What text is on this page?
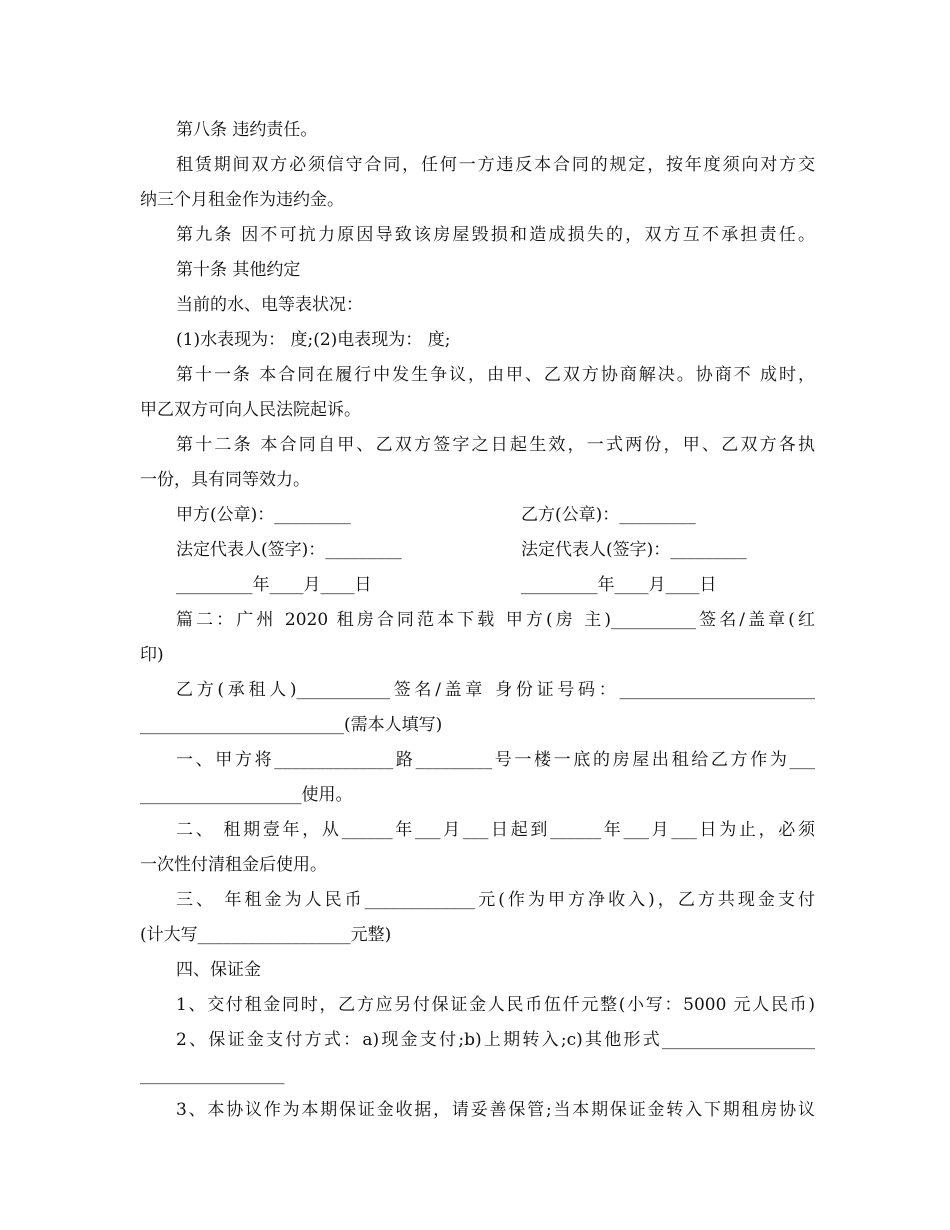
第八条 违约责任。
租赁期间双方必须信守合同，任何一方违反本合同的规定，按年度须向对方交
纳三个月租金作为违约金。
第九条 因不可抗力原因导致该房屋毁损和造成损失的，双方互不承担责任。
第十条 其他约定
当前的水、电等表状况：
(1)水表现为： 度;(2)电表现为： 度;
第十一条 本合同在履行中发生争议，由甲、乙双方协商解决。协商不 成时，
甲乙双方可向人民法院起诉。
第十二条 本合同自甲、乙双方签字之日起生效，一式两份，甲、乙双方各执
一份，具有同等效力。
甲方(公章)：_________	乙方(公章)：_________
法定代表人(签字)：_________	法定代表人(签字)：_________
_________年____月____日	_________年____月____日
篇二：广州 2020 租房合同范本下载 甲方(房 主)__________签名/盖章(红
印)
乙方(承租人)___________签名/盖章 身份证号码：_______________________
________________________(需本人填写)
一、甲方将______________路_________号一楼一底的房屋出租给乙方作为___
___________________使用。
二、 租期壹年，从______年___月___日起到______年___月___日为止，必须
一次性付清租金后使用。
三、 年租金为人民币_____________元(作为甲方净收入)，乙方共现金支付
(计大写__________________元整)
四、保证金
1、交付租金同时，乙方应另付保证金人民币伍仟元整(小写：5000 元人民币)
2、保证金支付方式：a)现金支付;b)上期转入;c)其他形式__________________
_________________
3、本协议作为本期保证金收据，请妥善保管;当本期保证金转入下期租房协议
